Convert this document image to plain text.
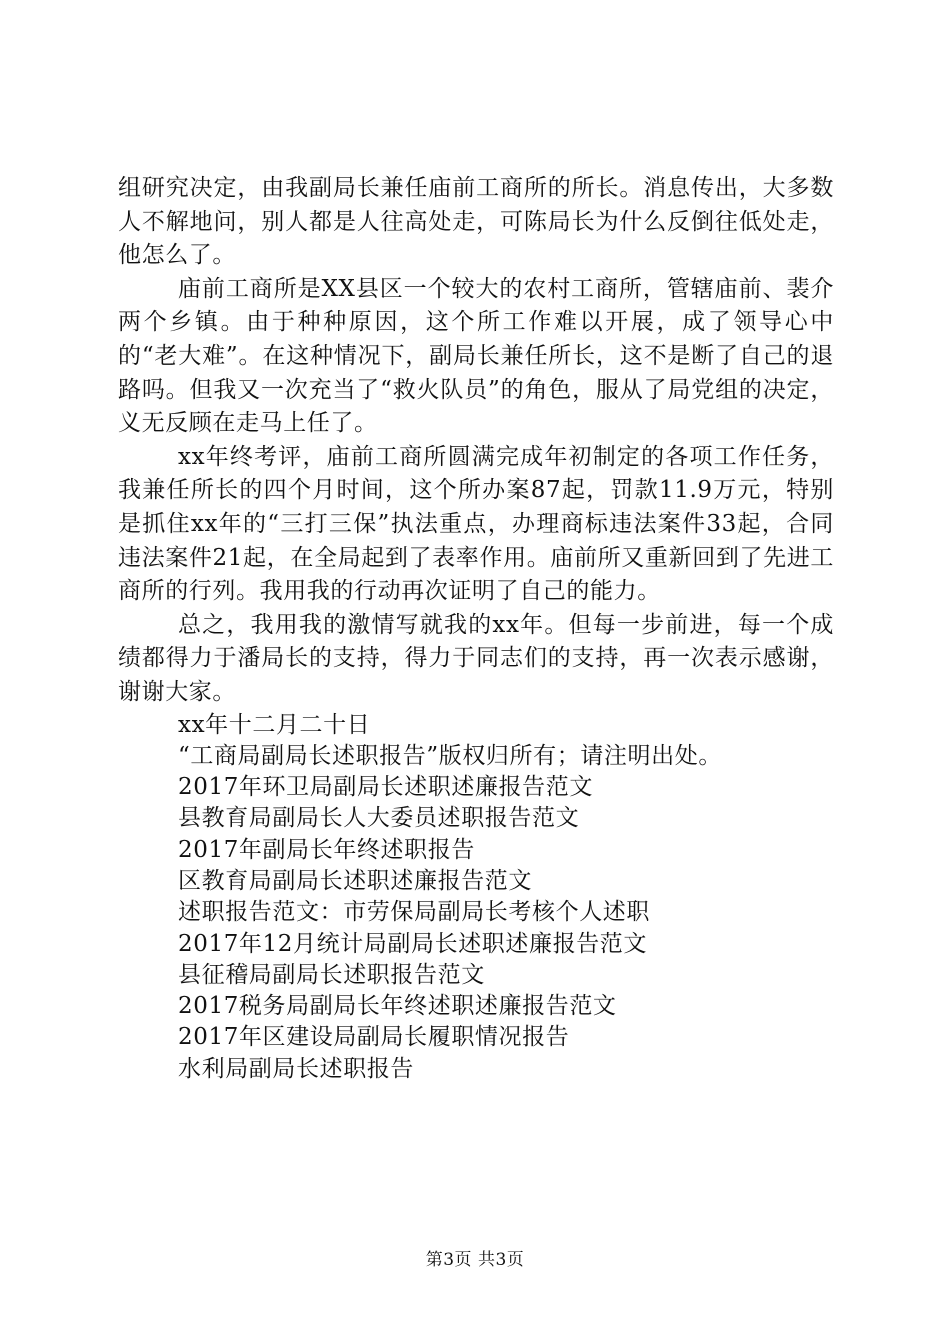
组研究决定，由我副局长兼任庙前工商所的所长。消息传出，大多数人不解地问，别人都是人往高处走，可陈局长为什么反倒往低处走，他怎么了。

庙前工商所是XX县区一个较大的农村工商所，管辖庙前、裴介两个乡镇。由于种种原因，这个所工作难以开展，成了领导心中的“老大难”。在这种情况下，副局长兼任所长，这不是断了自己的退路吗。但我又一次充当了“救火队员”的角色，服从了局党组的决定，义无反顾在走马上任了。

xx年终考评，庙前工商所圆满完成年初制定的各项工作任务，我兼任所长的四个月时间，这个所办案87起，罚款11.9万元，特别是抓住xx年的“三打三保”执法重点，办理商标违法案件33起，合同违法案件21起，在全局起到了表率作用。庙前所又重新回到了先进工商所的行列。我用我的行动再次证明了自己的能力。

总之，我用我的激情写就我的xx年。但每一步前进，每一个成绩都得力于潘局长的支持，得力于同志们的支持，再一次表示感谢，谢谢大家。

xx年十二月二十日

“工商局副局长述职报告”版权归所有；请注明出处。

2017年环卫局副局长述职述廉报告范文
县教育局副局长人大委员述职报告范文
2017年副局长年终述职报告
区教育局副局长述职述廉报告范文
述职报告范文：市劳保局副局长考核个人述职
2017年12月统计局副局长述职述廉报告范文
县征稽局副局长述职报告范文
2017税务局副局长年终述职述廉报告范文
2017年区建设局副局长履职情况报告
水利局副局长述职报告
第3页 共3页
